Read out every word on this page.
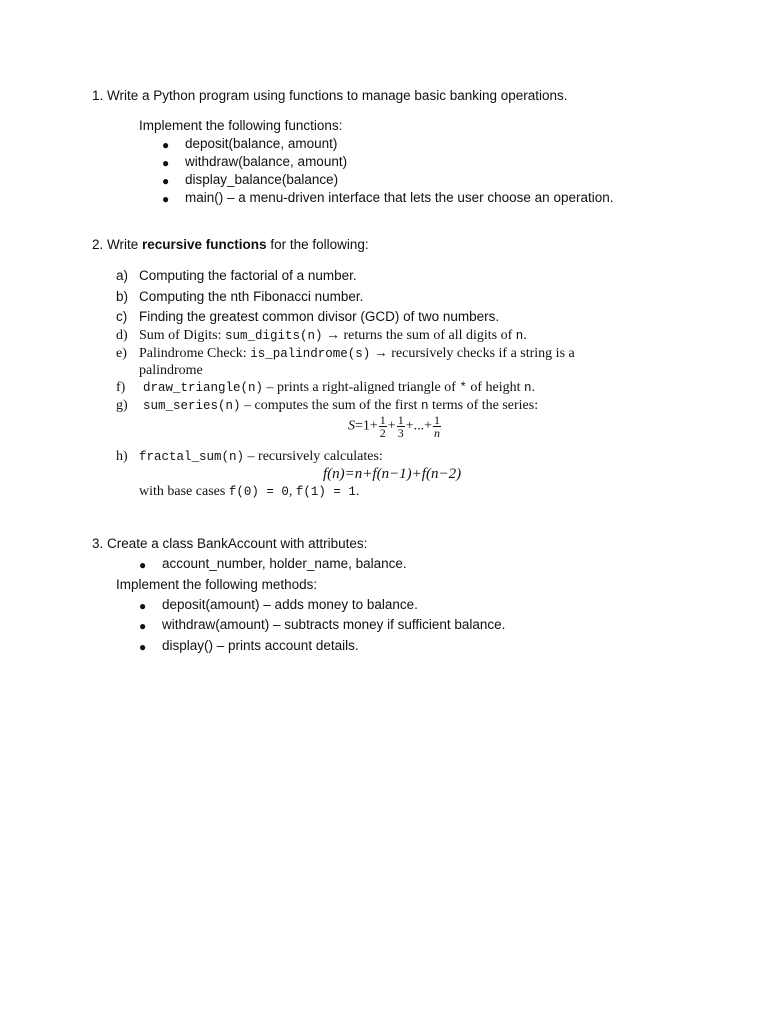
1. Write a Python program using functions to manage basic banking operations.
Implement the following functions:
● deposit(balance, amount)
● withdraw(balance, amount)
● display_balance(balance)
● main() – a menu-driven interface that lets the user choose an operation.
2. Write recursive functions for the following:
a) Computing the factorial of a number.
b) Computing the nth Fibonacci number.
c) Finding the greatest common divisor (GCD) of two numbers.
d) Sum of Digits: sum_digits(n) → returns the sum of all digits of n.
e) Palindrome Check: is_palindrome(s) → recursively checks if a string is a
palindrome
f) draw_triangle(n) – prints a right-aligned triangle of * of height n.
g) sum_series(n) – computes the sum of the first n terms of the series:
$S=1+ \frac{1}{2} + \frac{1}{3}$ +...+ $\frac{1}{n}$
h) fractal_sum(n) – recursively calculates:
f(n)=n+f(n−1)+f(n−2)
with base cases f(0) = 0, f(1) = 1.
3. Create a class BankAccount with attributes:
● account_number, holder_name, balance.
Implement the following methods:
● deposit(amount) – adds money to balance.
● withdraw(amount) – subtracts money if sufficient balance.
● display() – prints account details.
